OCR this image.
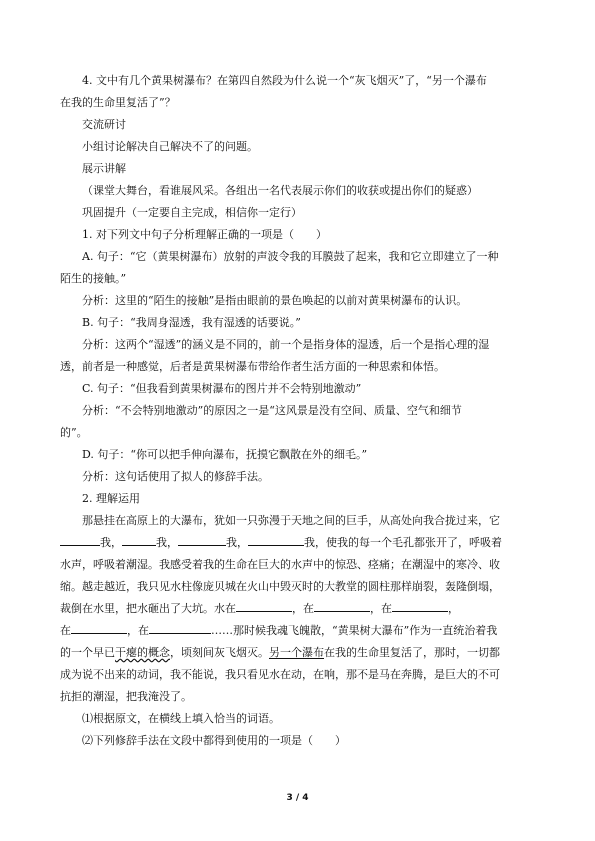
4. 文中有几个黄果树瀑布？在第四自然段为什么说一个“灰飞烟灭”了，“另一个瀑布
在我的生命里复活了”？
交流研讨
小组讨论解决自己解决不了的问题。
展示讲解
（课堂大舞台，看谁展风采。各组出一名代表展示你们的收获或提出你们的疑惑）
巩固提升（一定要自主完成，相信你一定行）
1. 对下列文中句子分析理解正确的一项是（　　）
A. 句子：“它（黄果树瀑布）放射的声波令我的耳膜鼓了起来，我和它立即建立了一种
陌生的接触。”
分析：这里的“陌生的接触”是指由眼前的景色唤起的以前对黄果树瀑布的认识。
B. 句子：“我周身湿透，我有湿透的话要说。”
分析：这两个“湿透”的涵义是不同的，前一个是指身体的湿透，后一个是指心理的湿
透，前者是一种感觉，后者是黄果树瀑布带给作者生活方面的一种思索和体悟。
C. 句子：“但我看到黄果树瀑布的图片并不会特别地激动”
分析：“不会特别地激动”的原因之一是“这风景是没有空间、质量、空气和细节
的”。
D. 句子：“你可以把手伸向瀑布，抚摸它飘散在外的细毛。”
分析：这句话使用了拟人的修辞手法。
2. 理解运用
那悬挂在高原上的大瀑布，犹如一只弥漫于天地之间的巨手，从高处向我合拢过来，它
我，	我，	我，	我，使我的每一个毛孔都张开了，呼吸着
水声，呼吸着潮湿。我感受着我的生命在巨大的水声中的惊恐、痉痛；在潮湿中的寒冷、收
缩。越走越近，我只见水柱像庞贝城在火山中毁灭时的大教堂的圆柱那样崩裂，轰隆倒塌，
裁倒在水里，把水砸出了大坑。水在	，在	，在	，
在	，在	……那时候我魂飞魄散，“黄果树大瀑布”作为一直统治着我
的一个早已干瘪的概念，顷刻间灰飞烟灭。另一个瀑布在我的生命里复活了，那时，一切都
成为说不出来的动词，我不能说，我只看见水在动，在响，那不是马在奔腾，是巨大的不可
抗拒的潮湿，把我淹没了。
⑴根据原文，在横线上填入恰当的词语。
⑵下列修辞手法在文段中都得到使用的一项是（　　）
3 / 4
